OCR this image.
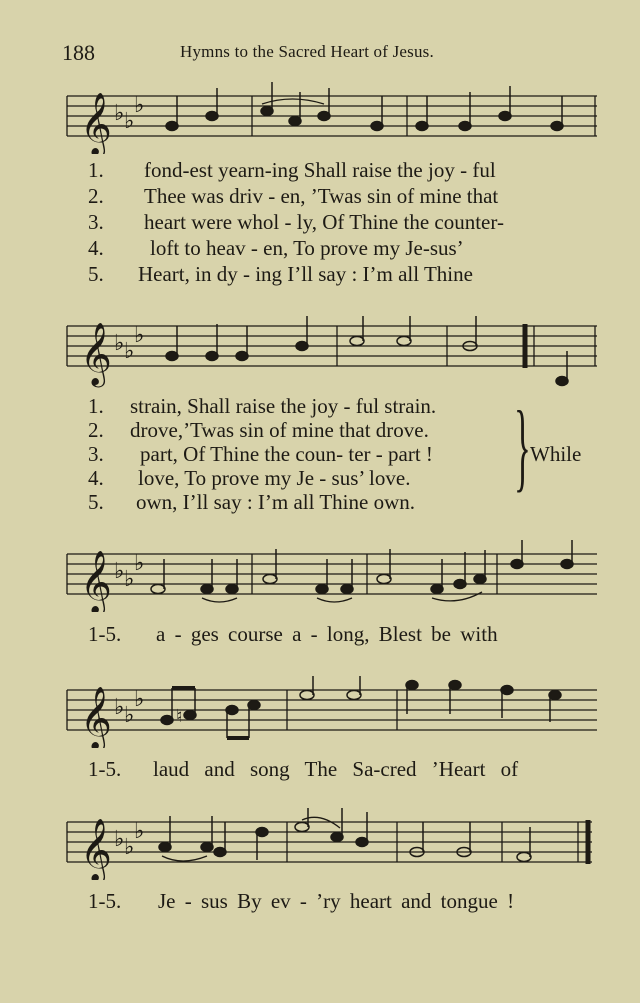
188	Hymns to the Sacred Heart of Jesus.
𝄞 ♭ ♭
♭
1. fond-est yearn-ing Shall raise the joy - ful
2. Thee was driv - en, ’Twas sin of mine that
3. heart were whol - ly, Of Thine the counter-
4. loft to heav - en, To prove my Je-sus’
5. Heart, in dy - ing I’ll say : I’m all Thine
𝄞 ♭ ♭
♭
1. strain, Shall raise the joy - ful strain.
2. drove,’Twas sin of mine that drove.
3. part, Of Thine the coun- ter - part !
4. love, To prove my Je - sus’ love.
5. own, I’ll say : I’m all Thine own.
} While
𝄞 ♭ ♭
♭
1-5. a - ges course a - long, Blest be with
𝄞 ♭ ♭
♭
♮
1-5. laud and song The Sa-cred ’Heart of
𝄞 ♭ ♭
♭
1-5. Je - sus By ev - ’ry heart and tongue !
